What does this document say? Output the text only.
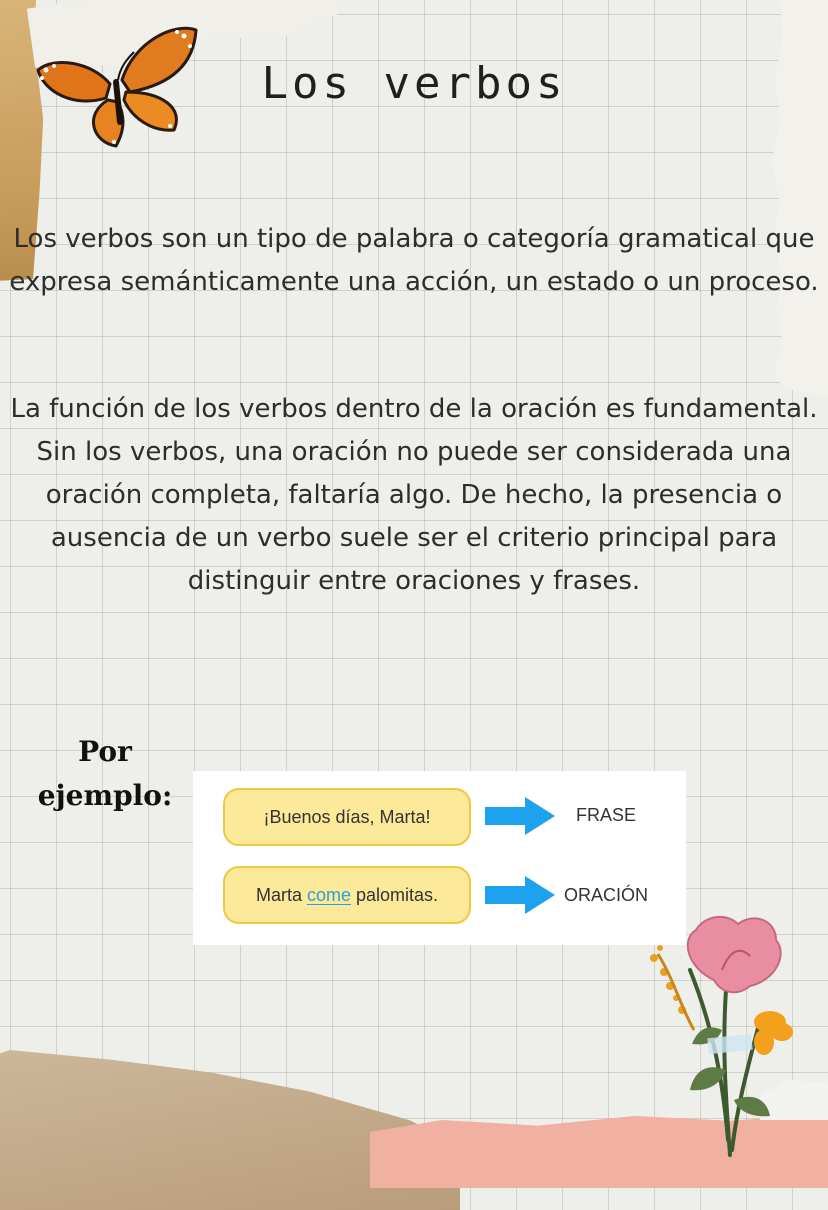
Los verbos
Los verbos son un tipo de palabra o categoría gramatical que expresa semánticamente una acción, un estado o un proceso.
La función de los verbos dentro de la oración es fundamental. Sin los verbos, una oración no puede ser considerada una oración completa, faltaría algo. De hecho, la presencia o ausencia de un verbo suele ser el criterio principal para distinguir entre oraciones y frases.
Por
ejemplo:
¡Buenos días, Marta!	FRASE
Marta come palomitas.	ORACIÓN
